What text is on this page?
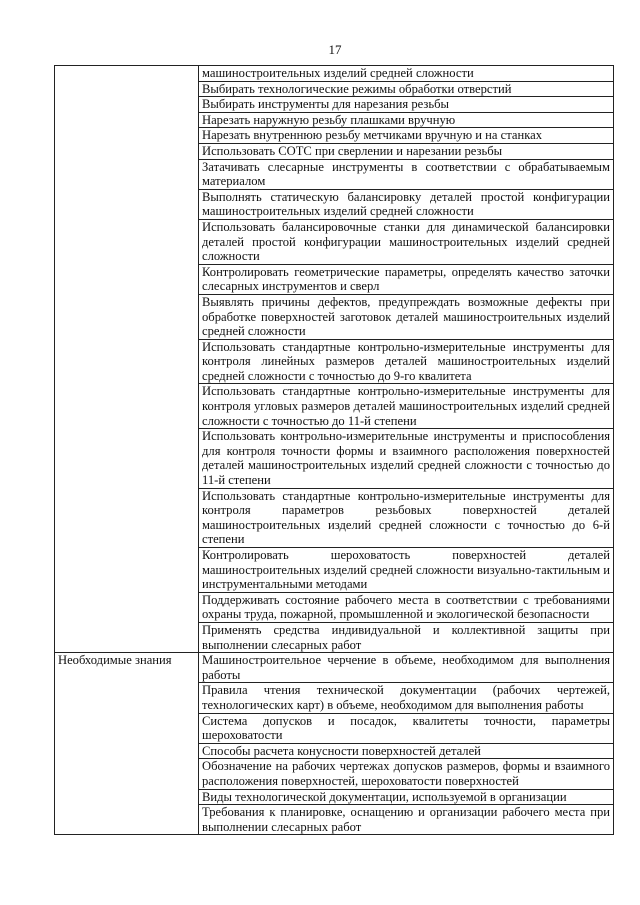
17
	машиностроительных изделий средней сложности
	Выбирать технологические режимы обработки отверстий
	Выбирать инструменты для нарезания резьбы
	Нарезать наружную резьбу плашками вручную
	Нарезать внутреннюю резьбу метчиками вручную и на станках
	Использовать СОТС при сверлении и нарезании резьбы
	Затачивать слесарные инструменты в соответствии с обрабатываемым материалом
	Выполнять статическую балансировку деталей простой конфигурации машиностроительных изделий средней сложности
	Использовать балансировочные станки для динамической балансировки деталей простой конфигурации машиностроительных изделий средней сложности
	Контролировать геометрические параметры, определять качество заточки слесарных инструментов и сверл
	Выявлять причины дефектов, предупреждать возможные дефекты при обработке поверхностей заготовок деталей машиностроительных изделий средней сложности
	Использовать стандартные контрольно-измерительные инструменты для контроля линейных размеров деталей машиностроительных изделий средней сложности с точностью до 9-го квалитета
	Использовать стандартные контрольно-измерительные инструменты для контроля угловых размеров деталей машиностроительных изделий средней сложности с точностью до 11-й степени
	Использовать контрольно-измерительные инструменты и приспособления для контроля точности формы и взаимного расположения поверхностей деталей машиностроительных изделий средней сложности с точностью до 11-й степени
	Использовать стандартные контрольно-измерительные инструменты для контроля параметров резьбовых поверхностей деталей машиностроительных изделий средней сложности с точностью до 6-й степени
	Контролировать шероховатость поверхностей деталей машиностроительных изделий средней сложности визуально-тактильным и инструментальными методами
	Поддерживать состояние рабочего места в соответствии с требованиями охраны труда, пожарной, промышленной и экологической безопасности
	Применять средства индивидуальной и коллективной защиты при выполнении слесарных работ
Необходимые знания	Машиностроительное черчение в объеме, необходимом для выполнения работы
	Правила чтения технической документации (рабочих чертежей, технологических карт) в объеме, необходимом для выполнения работы
	Система допусков и посадок, квалитеты точности, параметры шероховатости
	Способы расчета конусности поверхностей деталей
	Обозначение на рабочих чертежах допусков размеров, формы и взаимного расположения поверхностей, шероховатости поверхностей
	Виды технологической документации, используемой в организации
	Требования к планировке, оснащению и организации рабочего места при выполнении слесарных работ
